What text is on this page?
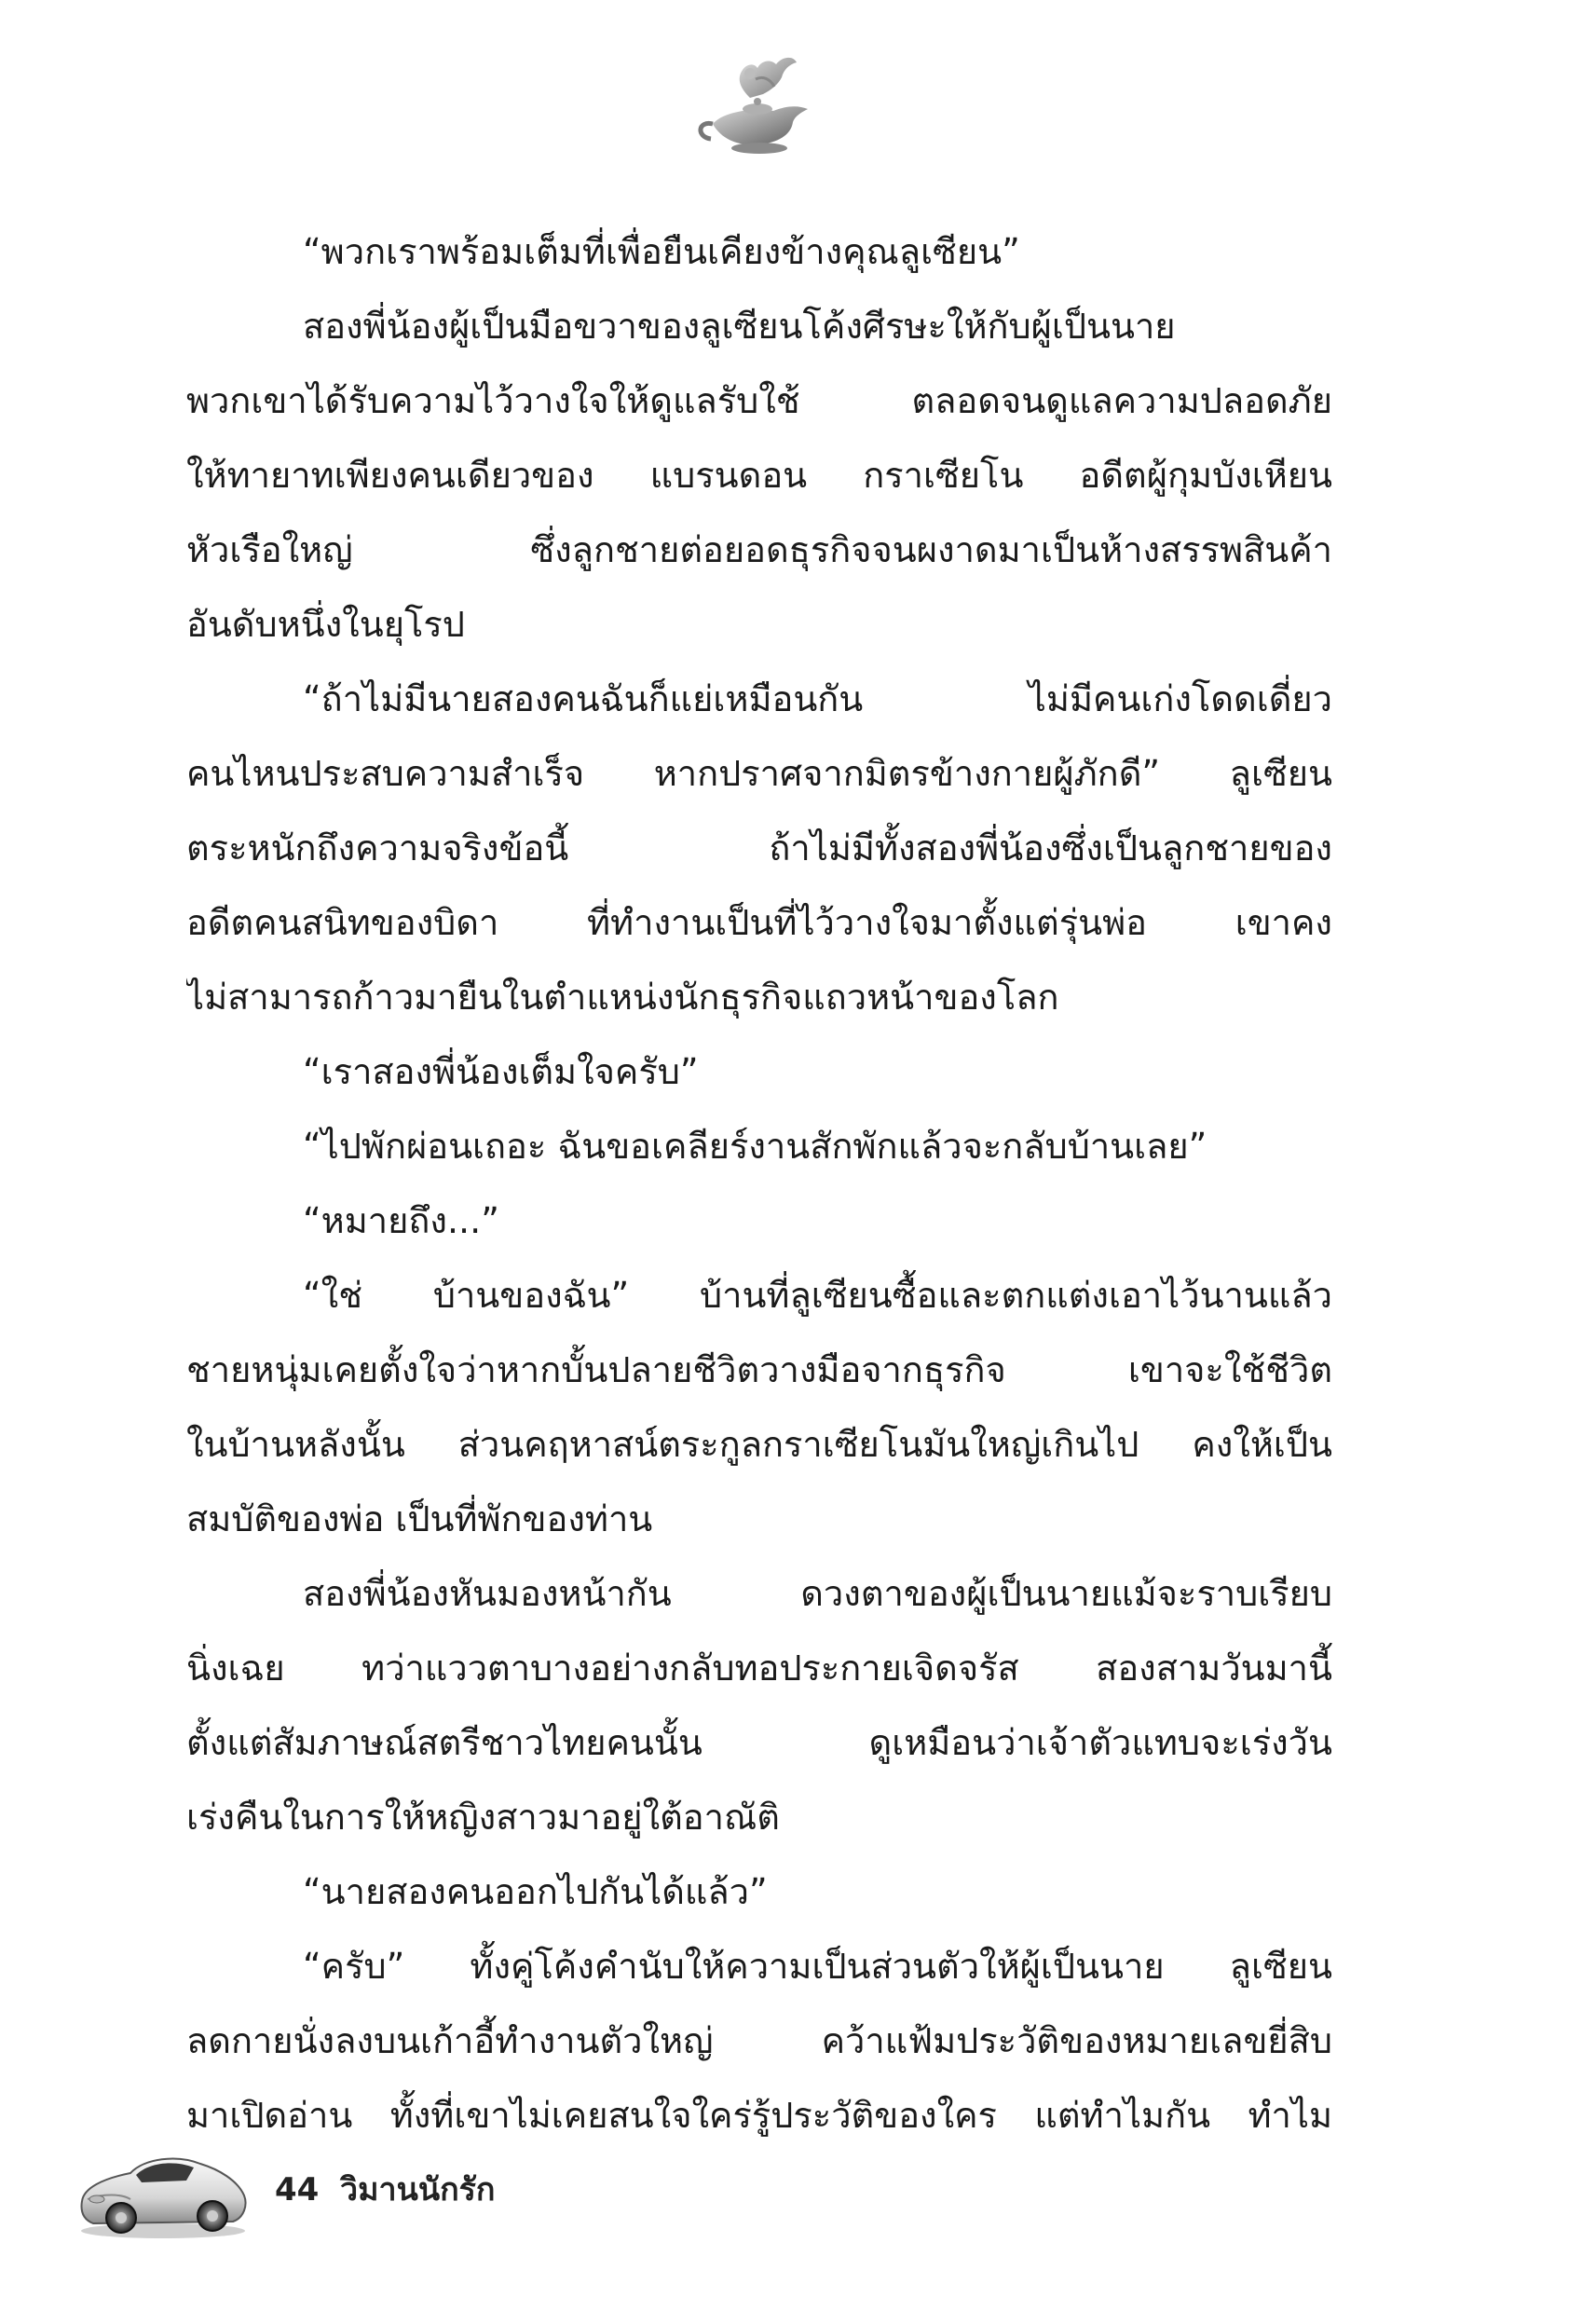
“พวกเราพร้อมเต็มที่เพื่อยืนเคียงข้างคุณลูเซียน”
สองพี่น้องผู้เป็นมือขวาของลูเซียนโค้งศีรษะให้กับผู้เป็นนาย
พวกเขาได้รับความไว้วางใจให้ดูแลรับใช้ ตลอดจนดูแลความปลอดภัย
ให้ทายาทเพียงคนเดียวของ แบรนดอน กราเซียโน อดีตผู้กุมบังเหียน
หัวเรือใหญ่ ซึ่งลูกชายต่อยอดธุรกิจจนผงาดมาเป็นห้างสรรพสินค้า
อันดับหนึ่งในยุโรป
“ถ้าไม่มีนายสองคนฉันก็แย่เหมือนกัน ไม่มีคนเก่งโดดเดี่ยว
คนไหนประสบความสำเร็จ หากปราศจากมิตรข้างกายผู้ภักดี” ลูเซียน
ตระหนักถึงความจริงข้อนี้ ถ้าไม่มีทั้งสองพี่น้องซึ่งเป็นลูกชายของ
อดีตคนสนิทของบิดา ที่ทำงานเป็นที่ไว้วางใจมาตั้งแต่รุ่นพ่อ เขาคง
ไม่สามารถก้าวมายืนในตำแหน่งนักธุรกิจแถวหน้าของโลก
“เราสองพี่น้องเต็มใจครับ”
“ไปพักผ่อนเถอะ ฉันขอเคลียร์งานสักพักแล้วจะกลับบ้านเลย”
“หมายถึง...”
“ใช่ บ้านของฉัน” บ้านที่ลูเซียนซื้อและตกแต่งเอาไว้นานแล้ว
ชายหนุ่มเคยตั้งใจว่าหากบั้นปลายชีวิตวางมือจากธุรกิจ เขาจะใช้ชีวิต
ในบ้านหลังนั้น ส่วนคฤหาสน์ตระกูลกราเซียโนมันใหญ่เกินไป คงให้เป็น
สมบัติของพ่อ เป็นที่พักของท่าน
สองพี่น้องหันมองหน้ากัน ดวงตาของผู้เป็นนายแม้จะราบเรียบ
นิ่งเฉย ทว่าแววตาบางอย่างกลับทอประกายเจิดจรัส สองสามวันมานี้
ตั้งแต่สัมภาษณ์สตรีชาวไทยคนนั้น ดูเหมือนว่าเจ้าตัวแทบจะเร่งวัน
เร่งคืนในการให้หญิงสาวมาอยู่ใต้อาณัติ
“นายสองคนออกไปกันได้แล้ว”
“ครับ” ทั้งคู่โค้งคำนับให้ความเป็นส่วนตัวให้ผู้เป็นนาย ลูเซียน
ลดกายนั่งลงบนเก้าอี้ทำงานตัวใหญ่ คว้าแฟ้มประวัติของหมายเลขยี่สิบ
มาเปิดอ่าน ทั้งที่เขาไม่เคยสนใจใคร่รู้ประวัติของใคร แต่ทำไมกัน ทำไม
44 วิมานนักรัก
